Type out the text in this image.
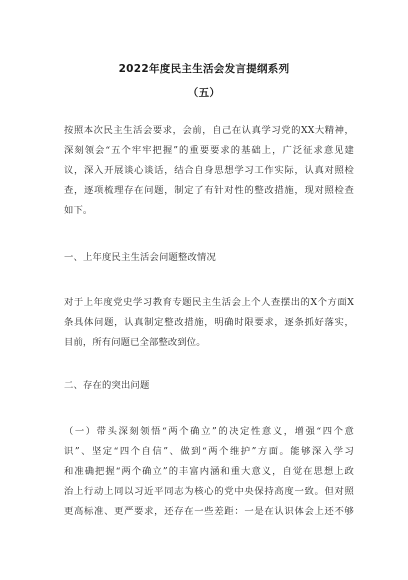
2022年度民主生活会发言提纲系列
（五）
按照本次民主生活会要求，会前，自己在认真学习党的XX大精神，
深刻领会“五个牢牢把握”的重要要求的基础上，广泛征求意见建
议，深入开展谈心谈话，结合自身思想学习工作实际，认真对照检
查，逐项梳理存在问题，制定了有针对性的整改措施，现对照检查
如下。
一、上年度民主生活会问题整改情况
对于上年度党史学习教育专题民主生活会上个人查摆出的X个方面X
条具体问题，认真制定整改措施，明确时限要求，逐条抓好落实，
目前，所有问题已全部整改到位。
二、存在的突出问题
（一）带头深刻领悟“两个确立”的决定性意义，增强“四个意
识”、坚定“四个自信”、做到“两个维护”方面。能够深入学习
和准确把握“两个确立”的丰富内涵和重大意义，自觉在思想上政
治上行动上同以习近平同志为核心的党中央保持高度一致。但对照
更高标准、更严要求，还存在一些差距：一是在认识体会上还不够
